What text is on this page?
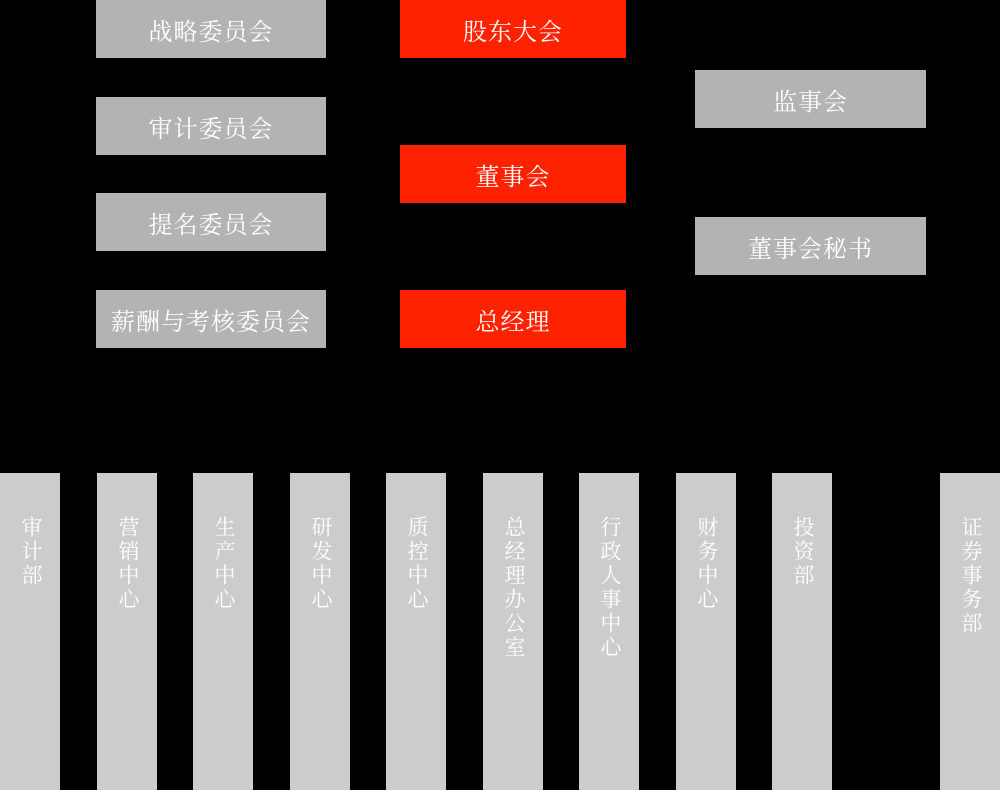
战略委员会
审计委员会
提名委员会
薪酬与考核委员会
股东大会
董事会
总经理
监事会
董事会秘书
审计部	营销中心	生产中心	研发中心	质控中心	总经理办公室	行政人事中心	财务中心	投资部	证券事务部
